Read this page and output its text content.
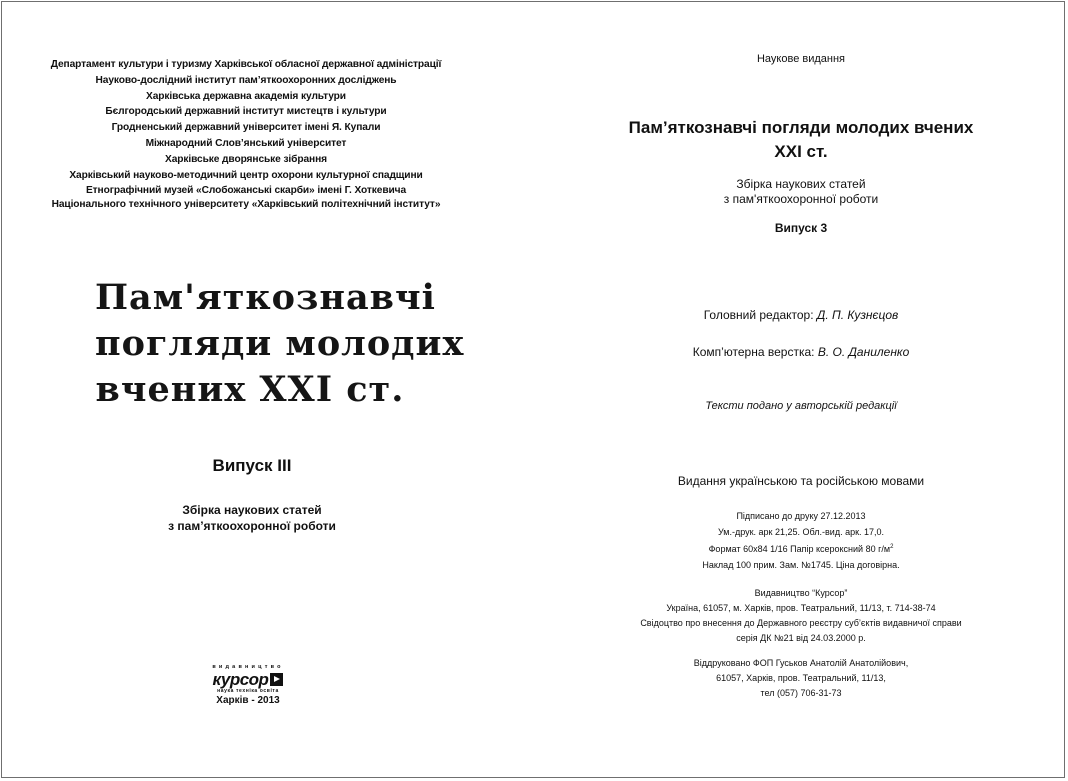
Департамент культури і туризму Харківської обласної державної адміністрації
Науково-дослідний інститут пам’яткоохоронних досліджень
Харківська державна академія культури
Бєлгородський державний інститут мистецтв і культури
Гродненський державний університет імені Я. Купали
Міжнародний Слов’янський університет
Харківське дворянське зібрання
Харківський науково-методичний центр охорони культурної спадщини
Етнографічний музей «Слобожанські скарби» імені Г. Хоткевича
Національного технічного університету «Харківський політехнічний інститут»
Пам'яткознавчі
погляди молодих
вчених XXI ст.
Випуск III
Збірка наукових статей
з пам’яткоохоронної роботи
видавництво
курсор
наука техніка освіта
Харків - 2013
Наукове видання
Пам’яткознавчі погляди молодих вчених
XXI ст.
Збірка наукових статей
з пам'яткоохоронної роботи
Випуск 3
Головний редактор: Д. П. Кузнєцов
Комп’ютерна верстка: В. О. Даниленко
Тексти подано у авторській редакції
Видання українською та російською мовами
Підписано до друку 27.12.2013
Ум.-друк. арк 21,25. Обл.-вид. арк. 17,0.
Формат 60х84 1/16 Папір ксероксний 80 $г/м^2$
Наклад 100 прим. Зам. №1745. Ціна договірна.
Видавництво “Курсор”
Україна, 61057, м. Харків, пров. Театральний, 11/13, т. 714-38-74
Свідоцтво про внесення до Державного реєстру суб’єктів видавничої справи
серія ДК №21 від 24.03.2000 р.
Віддруковано ФОП Гуськов Анатолій Анатолійович,
61057, Харків, пров. Театральний, 11/13,
тел (057) 706-31-73
